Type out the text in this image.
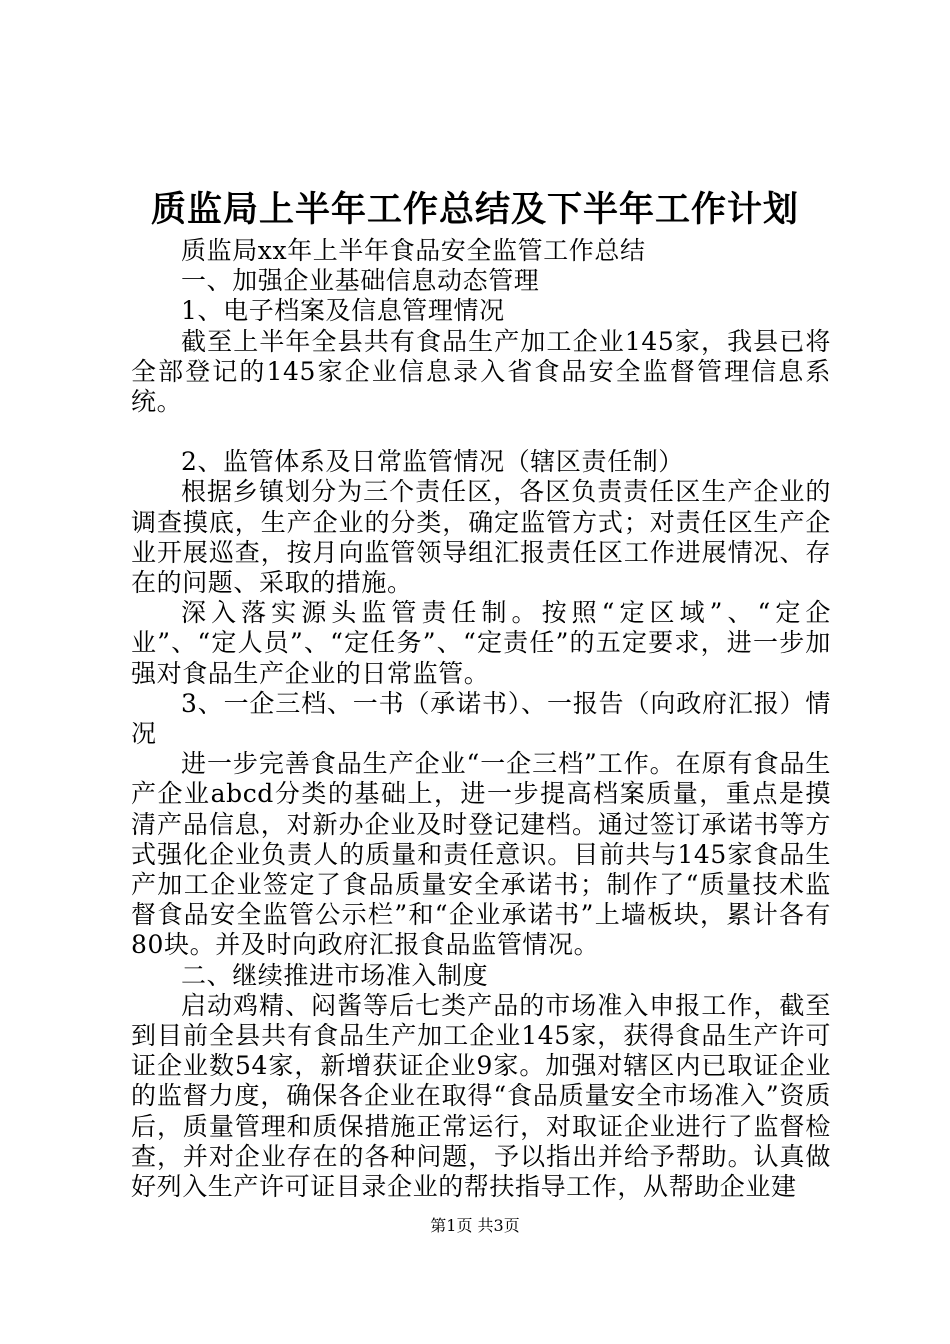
质监局上半年工作总结及下半年工作计划

质监局xx年上半年食品安全监管工作总结

一、加强企业基础信息动态管理

1、电子档案及信息管理情况

截至上半年全县共有食品生产加工企业145家，我县已将全部登记的145家企业信息录入省食品安全监督管理信息系统。

2、监管体系及日常监管情况（辖区责任制）

根据乡镇划分为三个责任区，各区负责责任区生产企业的调查摸底，生产企业的分类，确定监管方式；对责任区生产企业开展巡查，按月向监管领导组汇报责任区工作进展情况、存在的问题、采取的措施。

深入落实源头监管责任制。按照“定区域”、“定企业”、“定人员”、“定任务”、“定责任”的五定要求，进一步加强对食品生产企业的日常监管。

3、一企三档、一书（承诺书）、一报告（向政府汇报）情况

进一步完善食品生产企业“一企三档”工作。在原有食品生产企业abcd分类的基础上，进一步提高档案质量，重点是摸清产品信息，对新办企业及时登记建档。通过签订承诺书等方式强化企业负责人的质量和责任意识。目前共与145家食品生产加工企业签定了食品质量安全承诺书；制作了“质量技术监督食品安全监管公示栏”和“企业承诺书”上墙板块，累计各有80块。并及时向政府汇报食品监管情况。

二、继续推进市场准入制度

启动鸡精、闷酱等后七类产品的市场准入申报工作，截至到目前全县共有食品生产加工企业145家，获得食品生产许可证企业数54家，新增获证企业9家。加强对辖区内已取证企业的监督力度，确保各企业在取得“食品质量安全市场准入”资质后，质量管理和质保措施正常运行，对取证企业进行了监督检查，并对企业存在的各种问题，予以指出并给予帮助。认真做好列入生产许可证目录企业的帮扶指导工作，从帮助企业建

第1页 共3页
